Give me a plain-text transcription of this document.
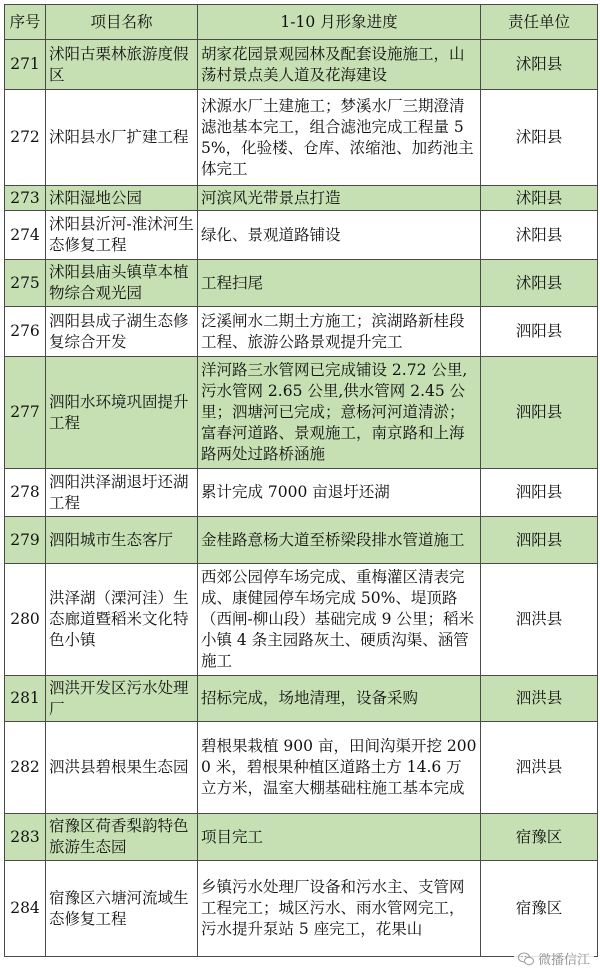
序号	项目名称	1-10 月形象进度	责任单位
271	沭阳古栗林旅游度假区	胡家花园景观园林及配套设施施工，山荡村景点美人道及花海建设	沭阳县
272	沭阳县水厂扩建工程	沭源水厂土建施工；梦溪水厂三期澄清滤池基本完工，组合滤池完成工程量 55%，化验楼、仓库、浓缩池、加药池主体完工	沭阳县
273	沭阳湿地公园	河滨风光带景点打造	沭阳县
274	沭阳县沂河-淮沭河生态修复工程	绿化、景观道路铺设	沭阳县
275	沭阳县庙头镇草本植物综合观光园	工程扫尾	沭阳县
276	泗阳县成子湖生态修复综合开发	泛溪闸水二期土方施工；滨湖路新桂段工程、旅游公路景观提升完工	泗阳县
277	泗阳水环境巩固提升工程	洋河路三水管网已完成铺设 2.72 公里,污水管网 2.65 公里,供水管网 2.45 公里；泗塘河已完成；意杨河河道清淤；富春河道路、景观施工，南京路和上海路两处过路桥涵施	泗阳县
278	泗阳洪泽湖退圩还湖工程	累计完成 7000 亩退圩还湖	泗阳县
279	泗阳城市生态客厅	金桂路意杨大道至桥梁段排水管道施工	泗阳县
280	洪泽湖（溧河洼）生态廊道暨稻米文化特色小镇	西郊公园停车场完成、重梅灌区清表完成、康健园停车场完成 50%、堤顶路（西闸-柳山段）基础完成 9 公里；稻米小镇 4 条主园路灰土、硬质沟渠、涵管施工	泗洪县
281	泗洪开发区污水处理厂	招标完成，场地清理，设备采购	泗洪县
282	泗洪县碧根果生态园	碧根果栽植 900 亩，田间沟渠开挖 2000 米，碧根果种植区道路土方 14.6 万立方米，温室大棚基础柱施工基本完成	泗洪县
283	宿豫区荷香梨韵特色旅游生态园	项目完工	宿豫区
284	宿豫区六塘河流域生态修复工程	乡镇污水处理厂设备和污水主、支管网工程完工；城区污水、雨水管网完工，污水提升泵站 5 座完工，花果山	宿豫区
微播信江
